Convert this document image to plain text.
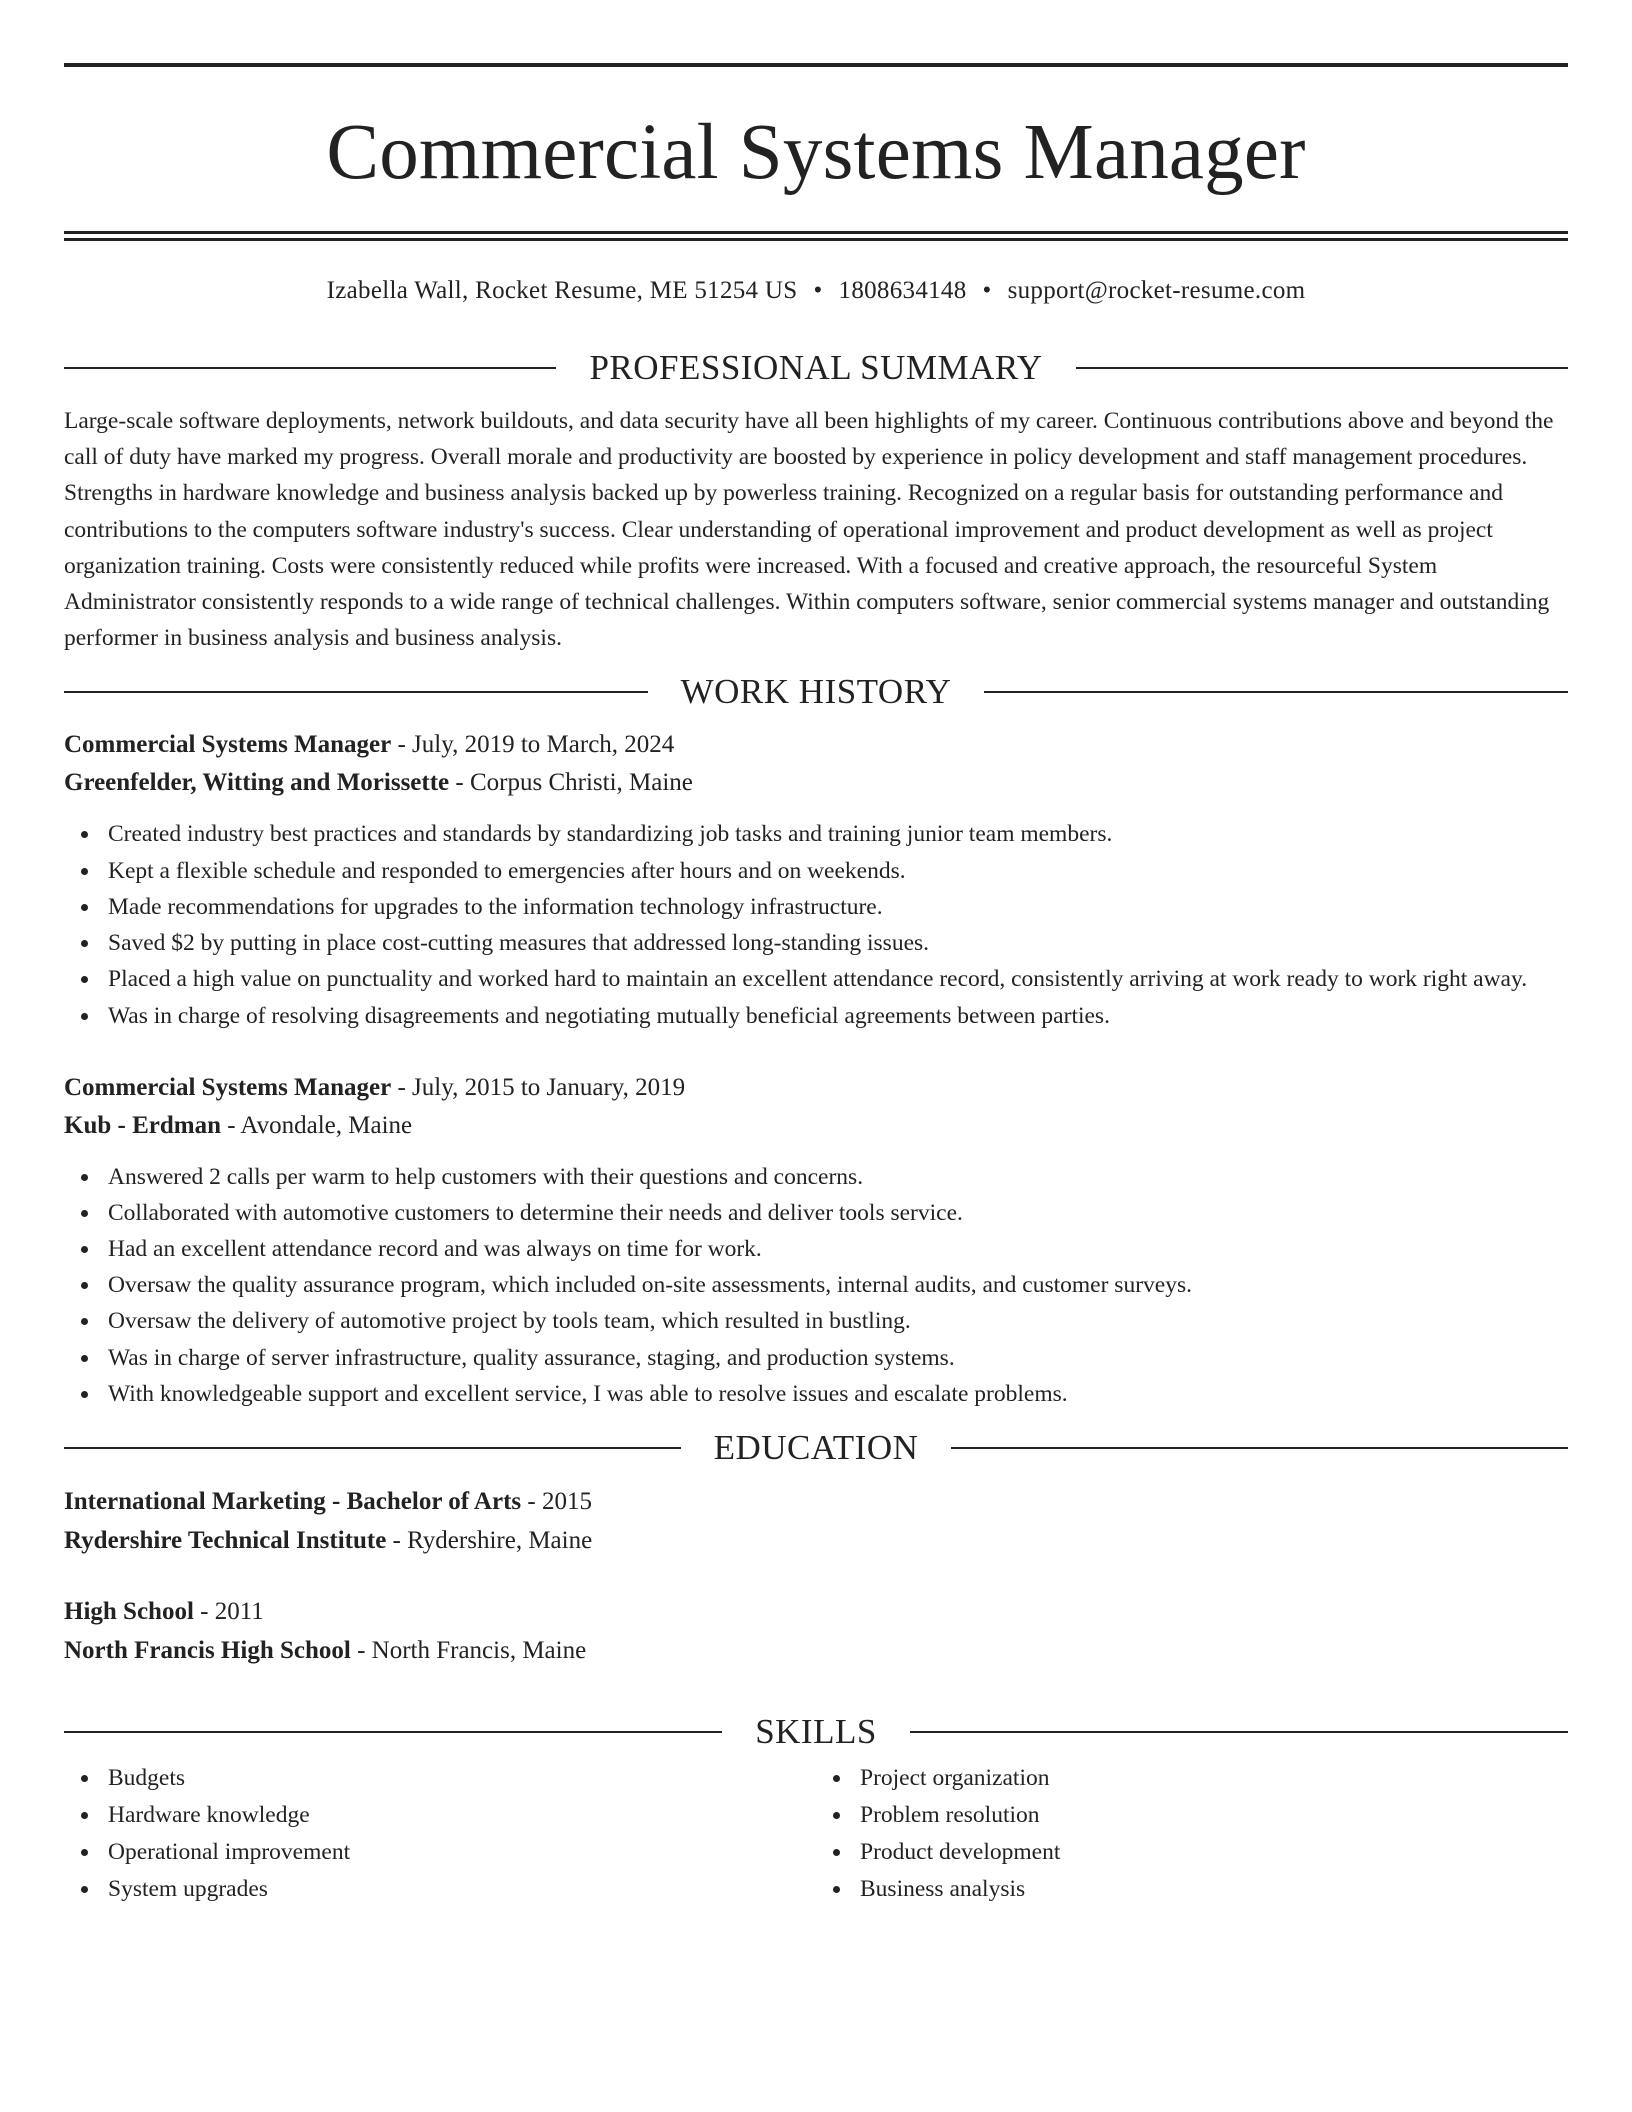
Commercial Systems Manager
Izabella Wall, Rocket Resume, ME 51254 US • 1808634148 • support@rocket-resume.com
PROFESSIONAL SUMMARY

Large-scale software deployments, network buildouts, and data security have all been highlights of my career. Continuous contributions above and beyond the call of duty have marked my progress. Overall morale and productivity are boosted by experience in policy development and staff management procedures. Strengths in hardware knowledge and business analysis backed up by powerless training. Recognized on a regular basis for outstanding performance and contributions to the computers software industry's success. Clear understanding of operational improvement and product development as well as project organization training. Costs were consistently reduced while profits were increased. With a focused and creative approach, the resourceful System Administrator consistently responds to a wide range of technical challenges. Within computers software, senior commercial systems manager and outstanding performer in business analysis and business analysis.

WORK HISTORY
Commercial Systems Manager - July, 2019 to March, 2024
Greenfelder, Witting and Morissette - Corpus Christi, Maine
Created industry best practices and standards by standardizing job tasks and training junior team members.
Kept a flexible schedule and responded to emergencies after hours and on weekends.
Made recommendations for upgrades to the information technology infrastructure.
Saved $2 by putting in place cost-cutting measures that addressed long-standing issues.
Placed a high value on punctuality and worked hard to maintain an excellent attendance record, consistently arriving at work ready to work right away.
Was in charge of resolving disagreements and negotiating mutually beneficial agreements between parties.
Commercial Systems Manager - July, 2015 to January, 2019
Kub - Erdman - Avondale, Maine
Answered 2 calls per warm to help customers with their questions and concerns.
Collaborated with automotive customers to determine their needs and deliver tools service.
Had an excellent attendance record and was always on time for work.
Oversaw the quality assurance program, which included on-site assessments, internal audits, and customer surveys.
Oversaw the delivery of automotive project by tools team, which resulted in bustling.
Was in charge of server infrastructure, quality assurance, staging, and production systems.
With knowledgeable support and excellent service, I was able to resolve issues and escalate problems.
EDUCATION
International Marketing - Bachelor of Arts - 2015
Rydershire Technical Institute - Rydershire, Maine
High School - 2011
North Francis High School - North Francis, Maine
SKILLS
Budgets
Hardware knowledge
Operational improvement
System upgrades
Project organization
Problem resolution
Product development
Business analysis
